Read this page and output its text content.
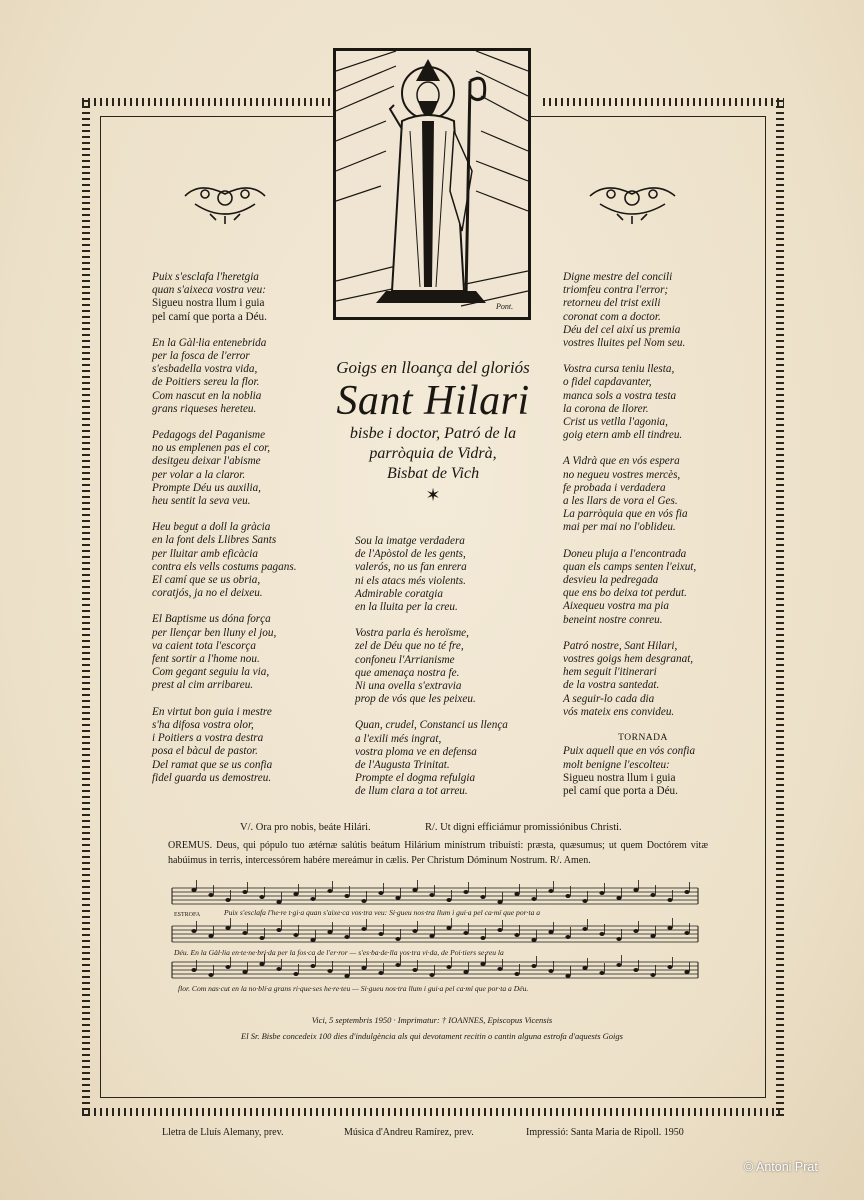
Pont.
Goigs en lloança del gloriós
Sant Hilari
bisbe i doctor, Patró de la
parròquia de Vidrà,
Bisbat de Vich
✶
Puix s'esclafa l'heretgia
quan s'aixeca vostra veu:
Sigueu nostra llum i guia
pel camí que porta a Déu.
En la Gàl·lia entenebrida
per la fosca de l'error
s'esbadella vostra vida,
de Poitiers sereu la flor.
Com nascut en la noblia
grans riqueses hereteu.
Pedagogs del Paganisme
no us emplenen pas el cor,
desitgeu deixar l'abisme
per volar a la claror.
Prompte Déu us auxilia,
heu sentit la seva veu.
Heu begut a doll la gràcia
en la font dels Llibres Sants
per lluitar amb eficàcia
contra els vells costums pagans.
El camí que se us obria,
coratjós, ja no el deixeu.
El Baptisme us dóna força
per llençar ben lluny el jou,
va caient tota l'escorça
fent sortir a l'home nou.
Com gegant seguiu la via,
prest al cim arribareu.
En virtut bon guia i mestre
s'ha difosa vostra olor,
i Poitiers a vostra destra
posa el bàcul de pastor.
Del ramat que se us confia
fidel guarda us demostreu.
Sou la imatge verdadera
de l'Apòstol de les gents,
valerós, no us fan enrera
ni els atacs més violents.
Admirable coratgia
en la lluita per la creu.
Vostra parla és heroïsme,
zel de Déu que no té fre,
confoneu l'Arrianisme
que amenaça nostra fe.
Ni una ovella s'extravia
prop de vós que les peixeu.
Quan, crudel, Constanci us llença
a l'exili més ingrat,
vostra ploma ve en defensa
de l'Augusta Trinitat.
Prompte el dogma refulgia
de llum clara a tot arreu.
Digne mestre del concili
triomfeu contra l'error;
retorneu del trist exili
coronat com a doctor.
Déu del cel així us premia
vostres lluites pel Nom seu.
Vostra cursa teniu llesta,
o fidel capdavanter,
manca sols a vostra testa
la corona de llorer.
Crist us vetlla l'agonia,
goig etern amb ell tindreu.
A Vidrà que en vós espera
no negueu vostres mercès,
fe probada i verdadera
a les llars de vora el Ges.
La parròquia que en vós fia
mai per mai no l'oblideu.
Doneu pluja a l'encontrada
quan els camps senten l'eixut,
desvieu la pedregada
que ens bo deixa tot perdut.
Aixequeu vostra ma pia
beneint nostre conreu.
Patró nostre, Sant Hilari,
vostres goigs hem desgranat,
hem seguit l'itinerari
de la vostra santedat.
A seguir-lo cada dia
vós mateix ens convideu.
TORNADA
Puix aquell que en vós confia
molt benigne l'escolteu:
Sigueu nostra llum i guia
pel camí que porta a Déu.
V/. Ora pro nobis, beáte Hilári.	R/. Ut digni efficiámur promissiónibus Christi.
OREMUS. Deus, qui pópulo tuo ætérnæ salútis beátum Hilárium minístrum tribuísti: præsta, quæsumus; ut quem Doctórem vitæ habúimus in terris, intercessórem habére mereámur in cælis. Per Christum Dóminum Nostrum. R/. Amen.
ESTROFA	Puix s'esclafa l'he·re t·gi·a quan s'aixe·ca vos·tra veu: Si·gueu nos·tra llum i gui·a pel ca·mí que por·ta a
Déu. En la Gàl·lia en·te·ne·bri·da per la fos·ca de l'er·ror — s'es·ba·de·lla vos·tra vi·da, de Poi·tiers se·reu la
flor. Com nas·cut en la no·blí·a grans ri·que·ses he·re·teu — Si·gueu nos·tra llum i gui·a pel ca·mí que por·ta a Déu.
Vici, 5 septembris 1950 · Imprimatur: † IOANNES, Episcopus Vicensis
El Sr. Bisbe concedeix 100 dies d'indulgència als qui devotament recitin o cantin alguna estrofa d'aquests Goigs
Lletra de Lluís Alemany, prev.	Música d'Andreu Ramírez, prev.	Impressió: Santa Maria de Ripoll. 1950
© Antoni Prat
